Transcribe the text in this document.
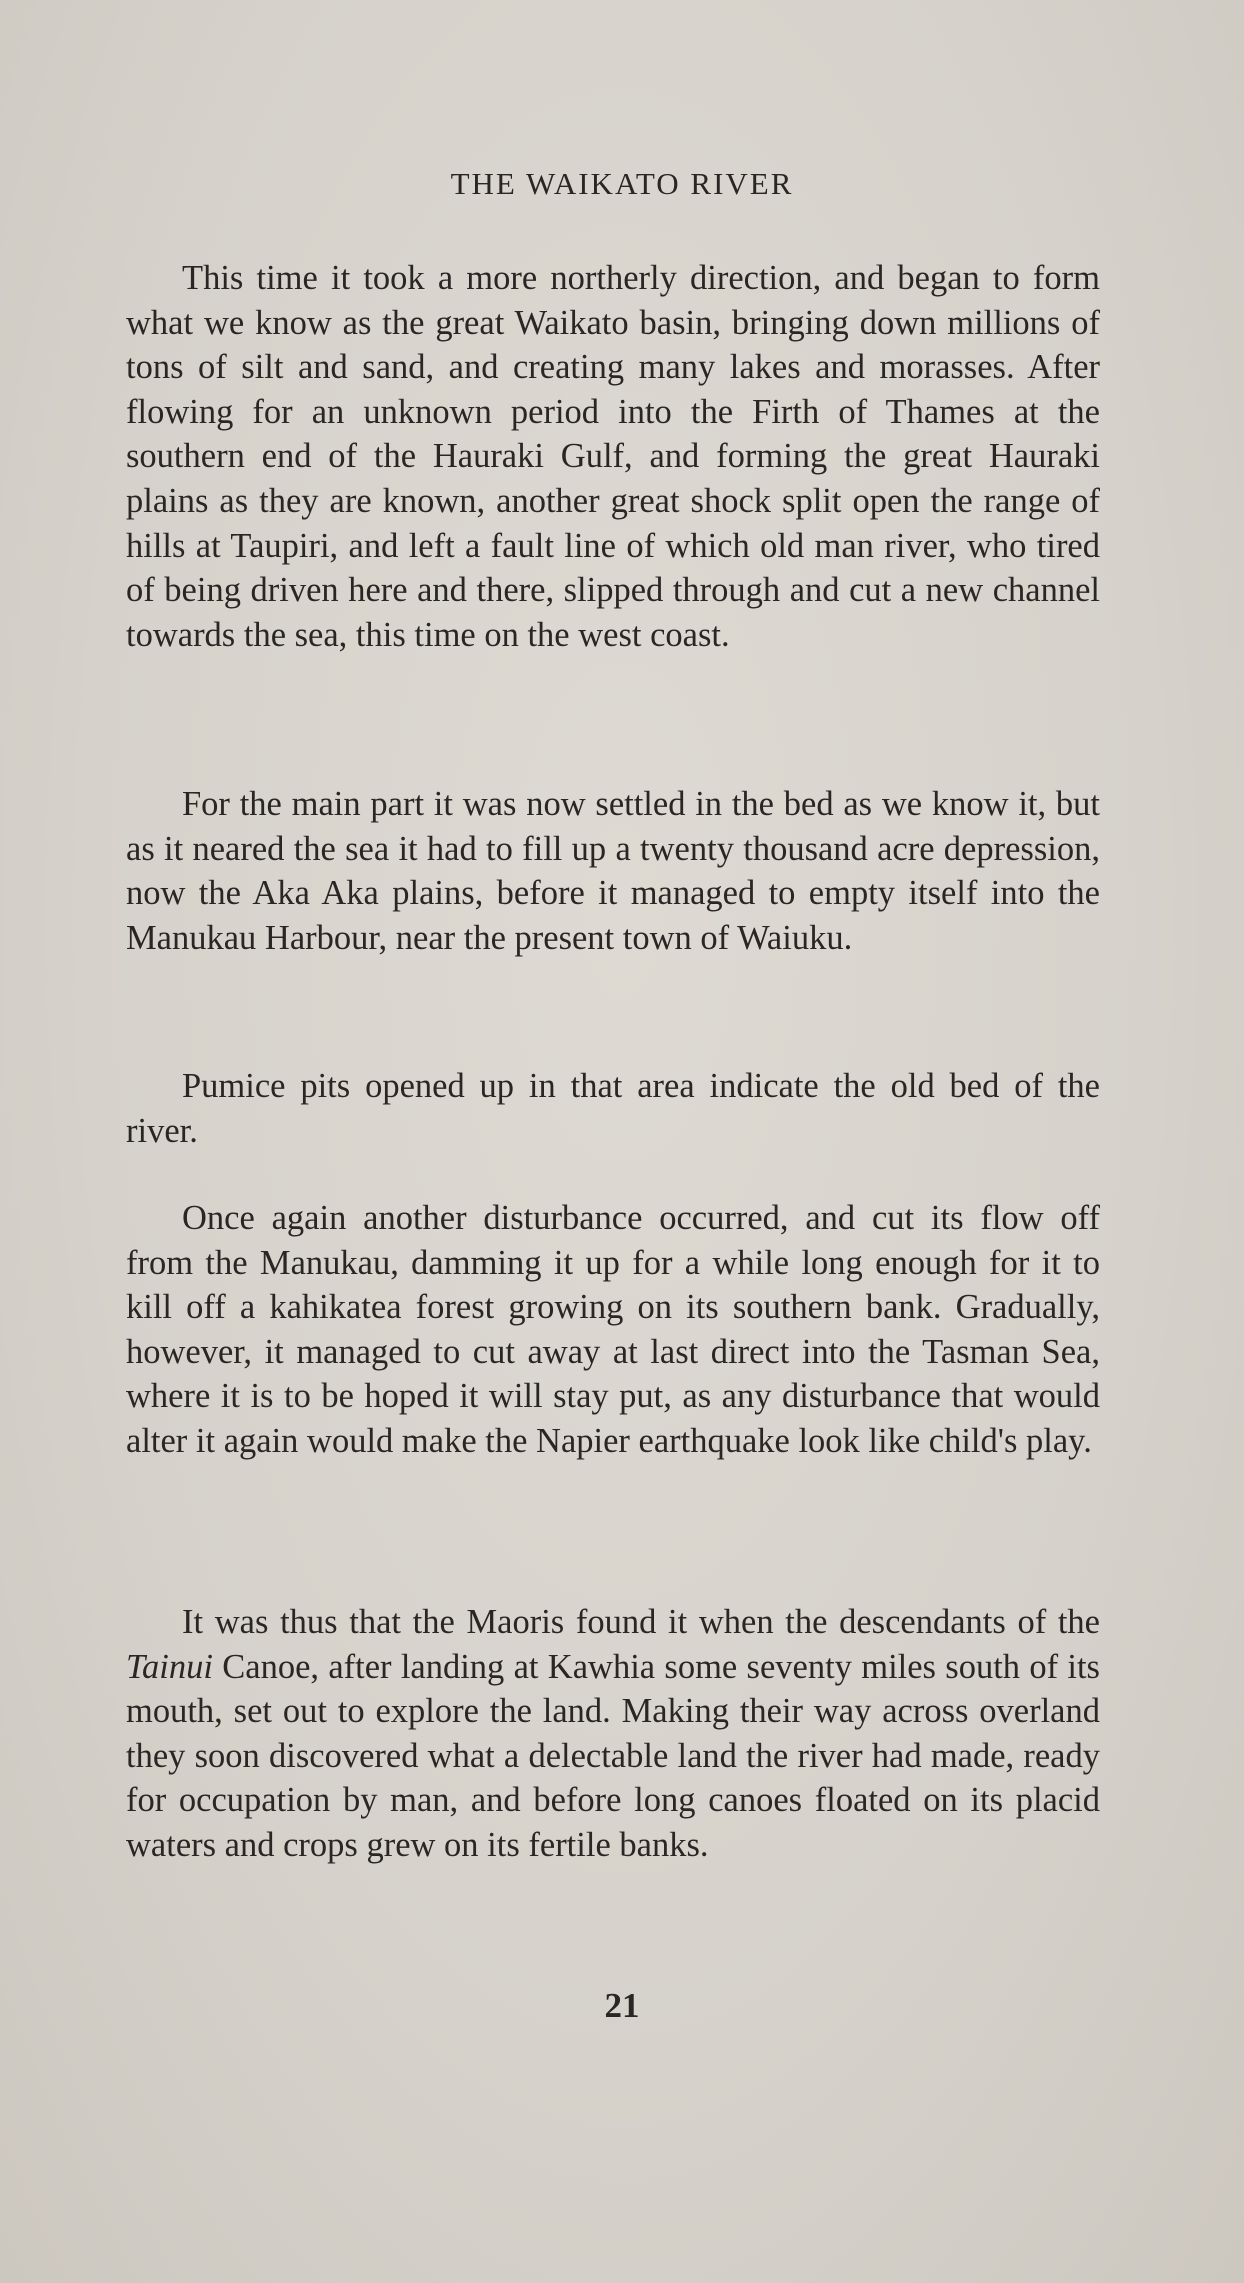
THE WAIKATO RIVER

This time it took a more northerly direction, and began to form what we know as the great Waikato basin, bringing down millions of tons of silt and sand, and creating many lakes and morasses. After flowing for an unknown period into the Firth of Thames at the southern end of the Hauraki Gulf, and forming the great Hauraki plains as they are known, another great shock split open the range of hills at Taupiri, and left a fault line of which old man river, who tired of being driven here and there, slipped through and cut a new channel towards the sea, this time on the west coast.

For the main part it was now settled in the bed as we know it, but as it neared the sea it had to fill up a twenty thousand acre depression, now the Aka Aka plains, before it managed to empty itself into the Manukau Harbour, near the present town of Waiuku.

Pumice pits opened up in that area indicate the old bed of the river.

Once again another disturbance occurred, and cut its flow off from the Manukau, damming it up for a while long enough for it to kill off a kahikatea forest growing on its southern bank. Gradually, however, it managed to cut away at last direct into the Tasman Sea, where it is to be hoped it will stay put, as any disturbance that would alter it again would make the Napier earthquake look like child's play.

It was thus that the Maoris found it when the descendants of the Tainui Canoe, after landing at Kawhia some seventy miles south of its mouth, set out to explore the land. Making their way across overland they soon discovered what a delectable land the river had made, ready for occupation by man, and before long canoes floated on its placid waters and crops grew on its fertile banks.

21
